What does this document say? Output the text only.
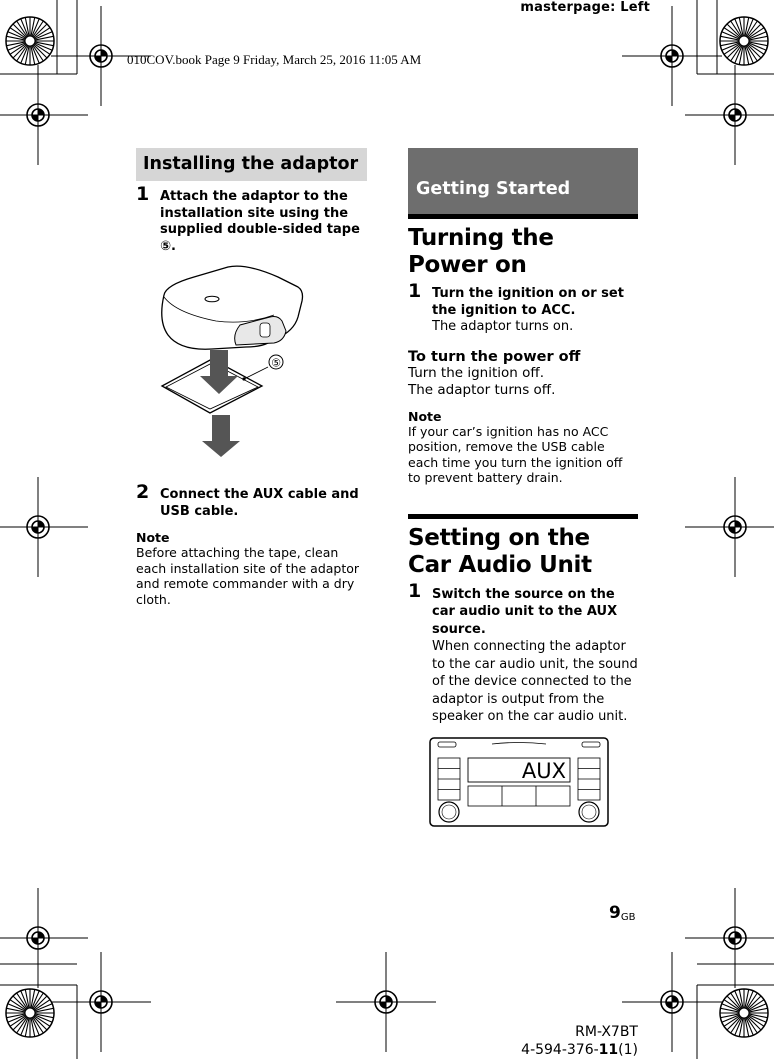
masterpage: Left
010COV.book Page 9 Friday, March 25, 2016 11:05 AM
Installing the adaptor
1 Attach the adaptor to the installation site using the supplied double-sided tape ⑤.
⑤
2 Connect the AUX cable and USB cable.
Note
Before attaching the tape, clean each installation site of the adaptor and remote commander with a dry cloth.
Getting Started
Turning the Power on
1 Turn the ignition on or set the ignition to ACC.
The adaptor turns on.
To turn the power off
Turn the ignition off.
The adaptor turns off.
Note
If your car’s ignition has no ACC position, remove the USB cable each time you turn the ignition off to prevent battery drain.
Setting on the Car Audio Unit
1 Switch the source on the car audio unit to the AUX source.
When connecting the adaptor to the car audio unit, the sound of the device connected to the adaptor is output from the speaker on the car audio unit.
AUX
$9_{GB}$
RM-X7BT
4-594-376-11(1)
